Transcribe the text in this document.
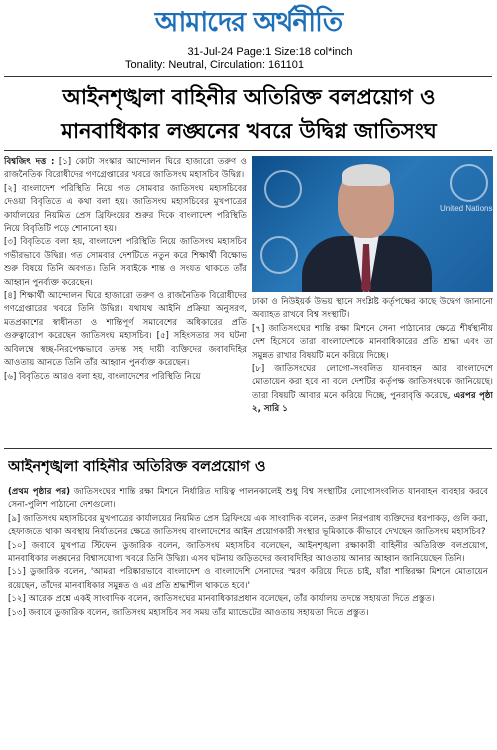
আমাদের অর্থনীতি
31-Jul-24 Page:1 Size:18 col*inch
Tonality: Neutral, Circulation: 161101
আইনশৃঙ্খলা বাহিনীর অতিরিক্ত বলপ্রয়োগ ও
মানবাধিকার লঙ্ঘনের খবরে উদ্বিগ্ন জাতিসংঘ

বিশ্বজিৎ দত্ত : [১] কোটা সংস্কার আন্দোলন ঘিরে হাজারো তরুণ ও রাজনৈতিক বিরোধীদের গণগ্রেপ্তারের খবরে জাতিসংঘ মহাসচিব উদ্বিগ্ন।

[২] বাংলাদেশ পরিস্থিতি নিয়ে গত সোমবার জাতিসংঘ মহাসচিবের দেওয়া বিবৃতিতে এ কথা বলা হয়। জাতিসংঘ মহাসচিবের মুখপাত্রের কার্যালয়ের নিয়মিত প্রেস ব্রিফিংয়ের শুরুর দিকে বাংলাদেশ পরিস্থিতি নিয়ে বিবৃতিটি পড়ে শোনানো হয়।

[৩] বিবৃতিতে বলা হয়, বাংলাদেশ পরিস্থিতি নিয়ে জাতিসংঘ মহাসচিব গভীরভাবে উদ্বিগ্ন। গত সোমবার দেশটিতে নতুন করে শিক্ষার্থী বিক্ষোভ শুরু বিষয়ে তিনি অবগত। তিনি সবাইকে শান্ত ও সংযত থাকতে তাঁর আহ্বান পুনর্ব্যক্ত করেছেন।

[৪] শিক্ষার্থী আন্দোলন ঘিরে হাজারো তরুণ ও রাজনৈতিক বিরোধীদের গণগ্রেপ্তারের খবরে তিনি উদ্বিগ্ন। যথাযথ আইনি প্রক্রিয়া অনুসরণ, মতপ্রকাশের স্বাধীনতা ও শান্তিপূর্ণ সমাবেশের অধিকারের প্রতি গুরুত্বারোপ করেছেন জাতিসংঘ মহাসচিব। [৫] সহিংসতার সব ঘটনা অবিলম্বে স্বচ্ছ-নিরপেক্ষভাবে তদন্ত সহ দায়ী ব্যক্তিদের জবাবদিহির আওতায় আনতে তিনি তাঁর আহ্বান পুনর্ব্যক্ত করেছেন।

[৬] বিবৃতিতে আরও বলা হয়, বাংলাদেশের পরিস্থিতি নিয়ে

United Nations

ঢাকা ও নিউইয়র্ক উভয় স্থানে সংশ্লিষ্ট কর্তৃপক্ষের কাছে উদ্বেগ জানানো অব্যাহত রাখবে বিশ্ব সংস্থাটি।

[৭] জাতিসংঘের শান্তি রক্ষা মিশনে সেনা পাঠানোর ক্ষেত্রে শীর্ষস্থানীয় দেশ হিসেবে তারা বাংলাদেশকে মানবাধিকারের প্রতি শ্রদ্ধা এবং তা সমুন্নত রাখার বিষয়টি মনে করিয়ে দিচ্ছে।

[৮] জাতিসংঘের লোগো-সংবলিত যানবাহন আর বাংলাদেশে মোতায়েন করা হবে না বলে দেশটির কর্তৃপক্ষ জাতিসংঘকে জানিয়েছে। তারা বিষয়টি আবার মনে করিয়ে দিচ্ছে, পুনরাবৃত্তি করেছে, এরপর পৃষ্ঠা ২, সারি ১

আইনশৃঙ্খলা বাহিনীর অতিরিক্ত বলপ্রয়োগ ও

(প্রথম পৃষ্ঠার পর) জাতিসংঘের শান্তি রক্ষা মিশনে নির্ধারিত দায়িত্ব পালনকালেই শুধু বিশ্ব সংস্থাটির লোগোসংবলিত যানবাহন ব্যবহার করবে সেনা-পুলিশ পাঠানো দেশগুলো।

[৯] জাতিসংঘ মহাসচিবের মুখপাত্রের কার্যালয়ের নিয়মিত প্রেস ব্রিফিংয়ে এক সাংবাদিক বলেন, তরুণ নিরপরাধ ব্যক্তিদের ধরপাকড়, গুলি করা, হেফাজতে থাকা অবস্থায় নির্যাতনের ক্ষেত্রে জাতিসংঘ বাংলাদেশের আইন প্রয়োগকারী সংস্থার ভূমিকাকে কীভাবে দেখছেন জাতিসংঘ মহাসচিব?

[১০] জবাবে মুখপাত্র স্টিফেন ডুজারিক বলেন, জাতিসংঘ মহাসচিব বলেছেন, আইনশৃঙ্খলা রক্ষাকারী বাহিনীর অতিরিক্ত বলপ্রয়োগ, মানবাধিকার লঙ্ঘনের বিশ্বাসযোগ্য খবরে তিনি উদ্বিগ্ন। এসব ঘটনায় জড়িতদের জবাবদিহির আওতায় আনার আহ্বান জানিয়েছেন তিনি।

[১১] ডুজারিক বলেন, 'আমরা পরিষ্কারভাবে বাংলাদেশ ও বাংলাদেশি সেনাদের স্মরণ করিয়ে দিতে চাই, যাঁরা শান্তিরক্ষা মিশনে মোতায়েন রয়েছেন, তাঁদের মানবাধিকার সমুন্নত ও এর প্রতি শ্রদ্ধাশীল থাকতে হবে।'

[১২] আরেক প্রশ্নে একই সাংবাদিক বলেন, জাতিসংঘের মানবাধিকারপ্রধান বলেছেন, তাঁর কার্যালয় তদন্তে সহায়তা দিতে প্রস্তুত।

[১৩] জবাবে ডুজারিক বলেন, জাতিসংঘ মহাসচিব সব সময় তাঁর ম্যান্ডেটের আওতায় সহায়তা দিতে প্রস্তুত।
